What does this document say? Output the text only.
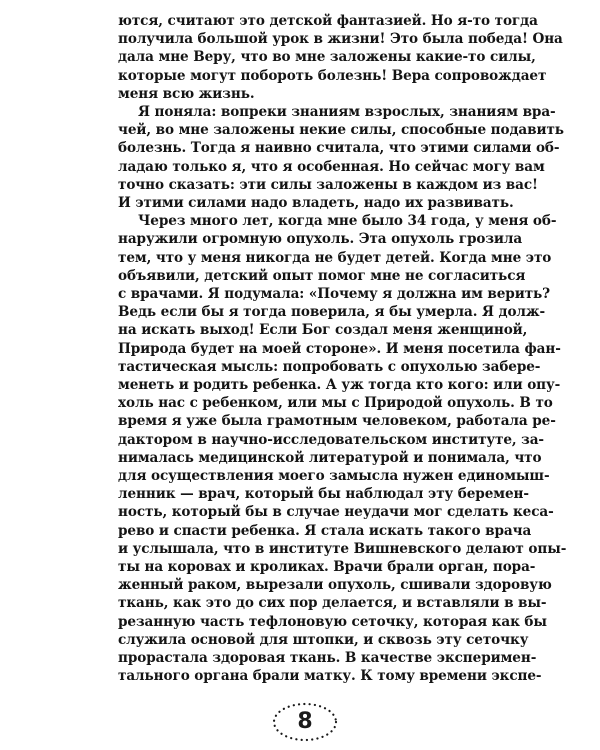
ются, считают это детской фантазией. Но я-то тогда
получила большой урок в жизни! Это была победа! Она
дала мне Веру, что во мне заложены какие-то силы,
которые могут побороть болезнь! Вера сопровождает
меня всю жизнь.
Я поняла: вопреки знаниям взрослых, знаниям вра-
чей, во мне заложены некие силы, способные подавить
болезнь. Тогда я наивно считала, что этими силами об-
ладаю только я, что я особенная. Но сейчас могу вам
точно сказать: эти силы заложены в каждом из вас!
И этими силами надо владеть, надо их развивать.
Через много лет, когда мне было 34 года, у меня об-
наружили огромную опухоль. Эта опухоль грозила
тем, что у меня никогда не будет детей. Когда мне это
объявили, детский опыт помог мне не согласиться
с врачами. Я подумала: «Почему я должна им верить?
Ведь если бы я тогда поверила, я бы умерла. Я долж-
на искать выход! Если Бог создал меня женщиной,
Природа будет на моей стороне». И меня посетила фан-
тастическая мысль: попробовать с опухолью забере-
менеть и родить ребенка. А уж тогда кто кого: или опу-
холь нас с ребенком, или мы с Природой опухоль. В то
время я уже была грамотным человеком, работала ре-
дактором в научно-исследовательском институте, за-
нималась медицинской литературой и понимала, что
для осуществления моего замысла нужен единомыш-
ленник — врач, который бы наблюдал эту беремен-
ность, который бы в случае неудачи мог сделать кеса-
рево и спасти ребенка. Я стала искать такого врача
и услышала, что в институте Вишневского делают опы-
ты на коровах и кроликах. Врачи брали орган, пора-
женный раком, вырезали опухоль, сшивали здоровую
ткань, как это до сих пор делается, и вставляли в вы-
резанную часть тефлоновую сеточку, которая как бы
служила основой для штопки, и сквозь эту сеточку
прорастала здоровая ткань. В качестве эксперимен-
тального органа брали матку. К тому времени экспе-
8
